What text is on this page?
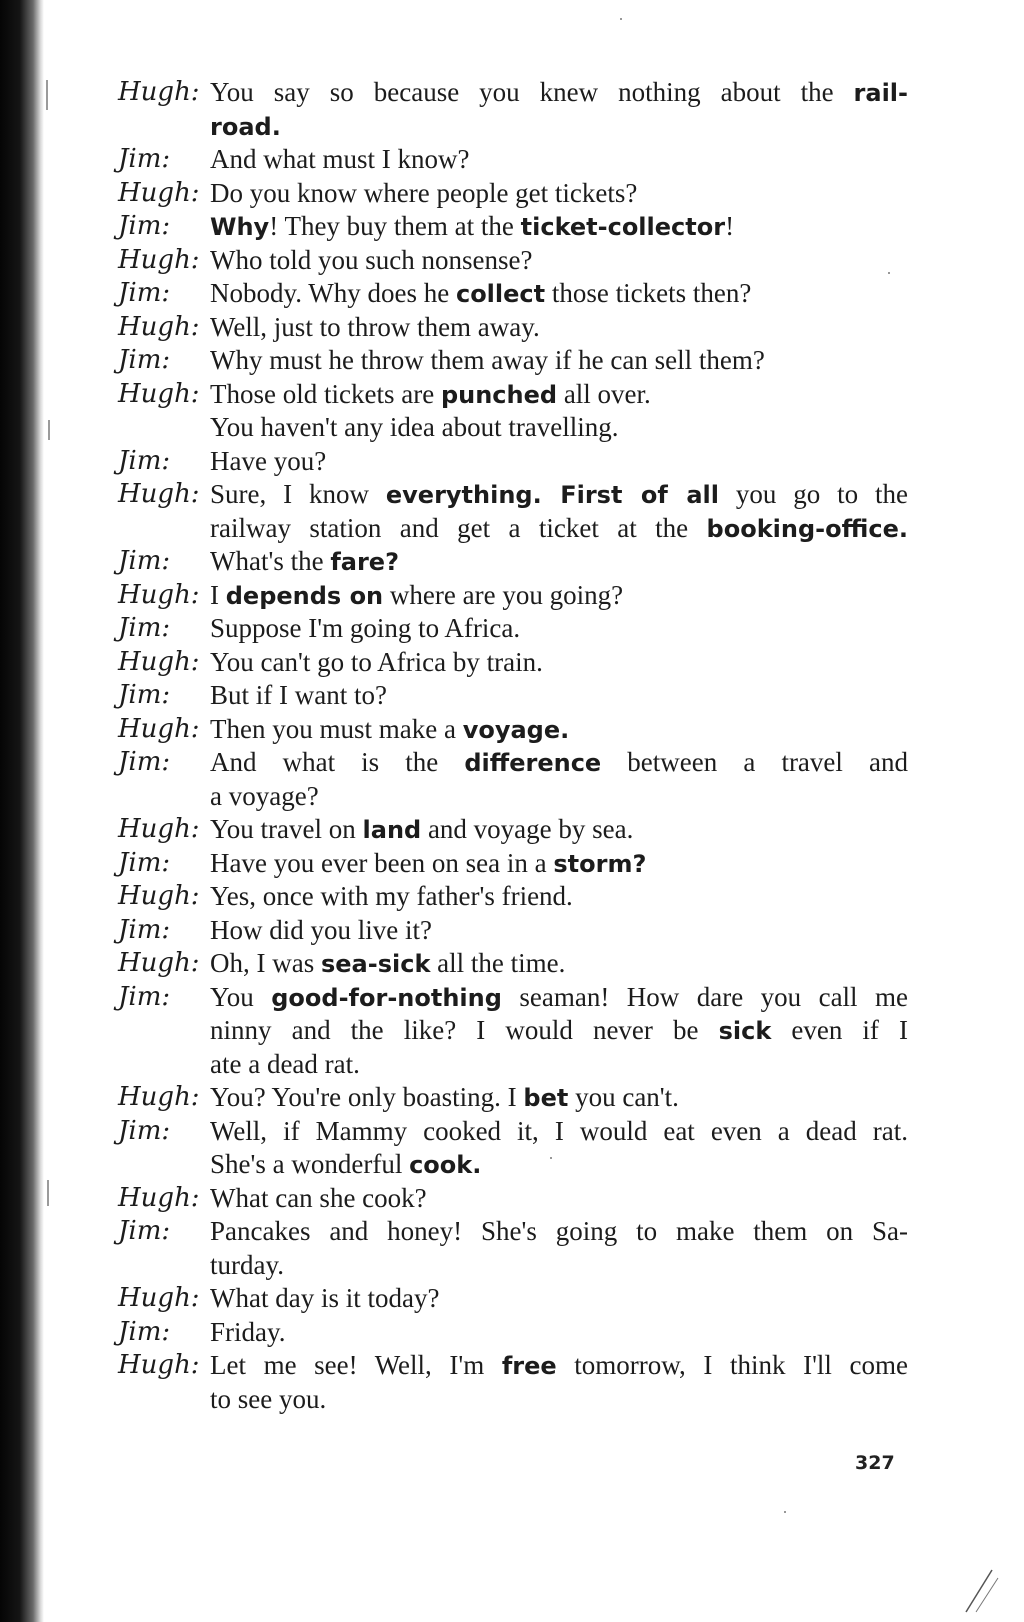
Hugh: You say so because you knew nothing about the rail-
road.
Jim: And what must I know?
Hugh: Do you know where people get tickets?
Jim: Why! They buy them at the ticket-collector!
Hugh: Who told you such nonsense?
Jim: Nobody. Why does he collect those tickets then?
Hugh: Well, just to throw them away.
Jim: Why must he throw them away if he can sell them?
Hugh: Those old tickets are punched all over.
You haven't any idea about travelling.
Jim: Have you?
Hugh: Sure, I know everything. First of all you go to the
railway station and get a ticket at the booking-office.
Jim: What's the fare?
Hugh: I depends on where are you going?
Jim: Suppose I'm going to Africa.
Hugh: You can't go to Africa by train.
Jim: But if I want to?
Hugh: Then you must make a voyage.
Jim: And what is the difference between a travel and
a voyage?
Hugh: You travel on land and voyage by sea.
Jim: Have you ever been on sea in a storm?
Hugh: Yes, once with my father's friend.
Jim: How did you live it?
Hugh: Oh, I was sea-sick all the time.
Jim: You good-for-nothing seaman! How dare you call me
ninny and the like? I would never be sick even if I
ate a dead rat.
Hugh: You? You're only boasting. I bet you can't.
Jim: Well, if Mammy cooked it, I would eat even a dead rat.
She's a wonderful cook.
Hugh: What can she cook?
Jim: Pancakes and honey! She's going to make them on Sa-
turday.
Hugh: What day is it today?
Jim: Friday.
Hugh: Let me see! Well, I'm free tomorrow, I think I'll come
to see you.
327
